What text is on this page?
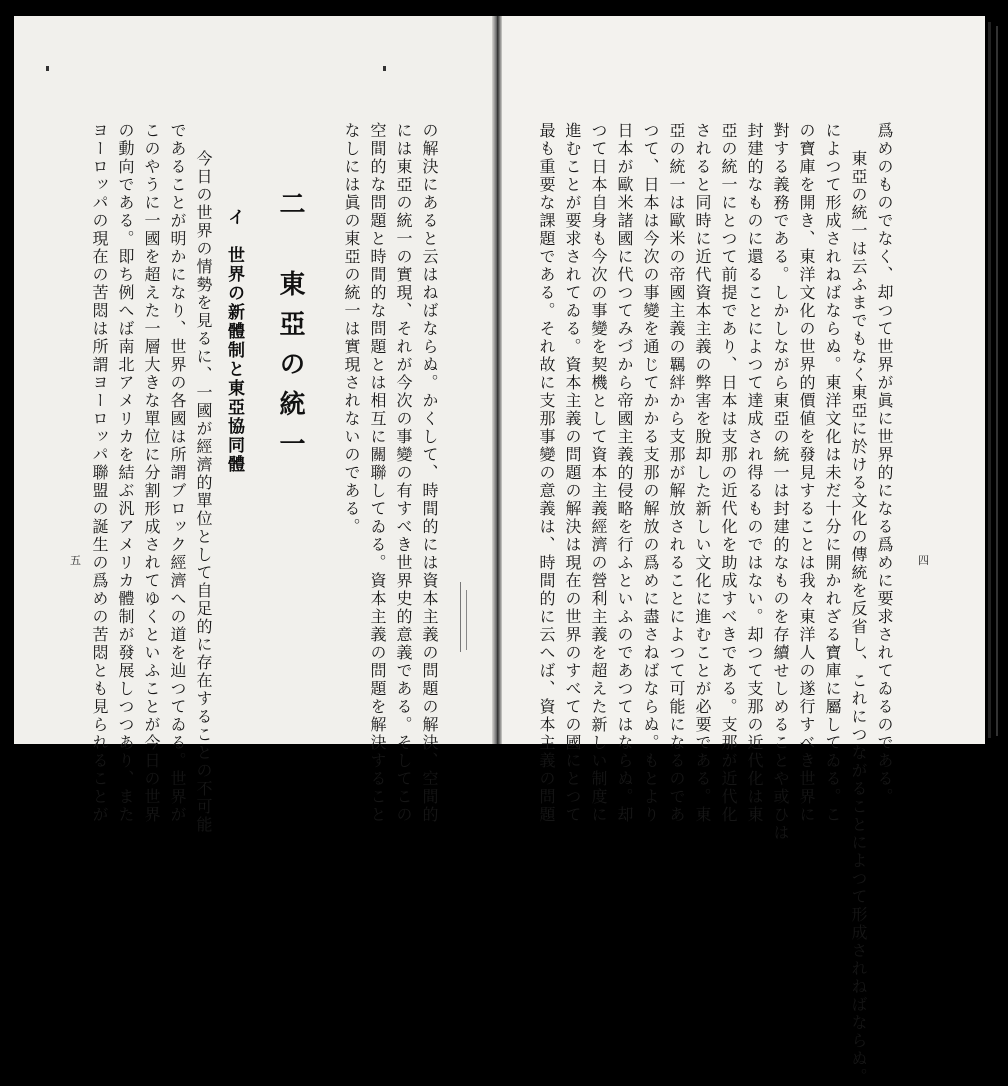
爲めのものでなく、却つて世界が眞に世界的になる爲めに要求されてゐるのである。
　東亞の統一は云ふまでもなく東亞に於ける文化の傳統を反省し、これにつながることによつて形成されねばならぬ。
によつて形成されねばならぬ。東洋文化は未だ十分に開かれざる寶庫に屬してゐる。こ
の寶庫を開き、東洋文化の世界的價値を發見することは我々東洋人の遂行すべき世界に
對する義務である。しかしながら東亞の統一は封建的なものを存續せしめることや或ひは
封建的なものに還ることによつて達成され得るものではない。却つて支那の近代化は東
亞の統一にとつて前提であり、日本は支那の近代化を助成すべきである。支那が近代化
されると同時に近代資本主義の弊害を脫却した新しい文化に進むことが必要である。東
亞の統一は歐米の帝國主義の羈絆から支那が解放されることによつて可能になるのであ
つて、日本は今次の事變を通じてかかる支那の解放の爲めに盡さねばならぬ。もとより
日本が歐米諸國に代つてみづから帝國主義的侵略を行ふといふのであつてはならぬ。却
つて日本自身も今次の事變を契機として資本主義經濟の營利主義を超えた新しい制度に
進むことが要求されてゐる。資本主義の問題の解決は現在の世界のすべての國にとつて
最も重要な課題である。それ故に支那事變の意義は、時間的に云へば、資本主義の問題	四
の解決にあると云はねばならぬ。かくして、時間的には資本主義の問題の解決、空間的
には東亞の統一の實現、それが今次の事變の有すべき世界史的意義である。そしてこの
空間的な問題と時間的な問題とは相互に關聯してゐる。資本主義の問題を解決すること
なしには眞の東亞の統一は實現されないのである。
二　東亞の統一
イ　世界の新體制と東亞協同體
　今日の世界の情勢を見るに、一國が經濟的單位として自足的に存在することの不可能
であることが明かになり、世界の各國は所謂ブロック經濟への道を辿つてゐる。世界が
このやうに一國を超えた一層大きな單位に分割形成されてゆくといふことが今日の世界
の動向である。即ち例へば南北アメリカを結ぶ汎アメリカ體制が發展しつつあり、また
ヨーロッパの現在の苦悶は所謂ヨーロッパ聯盟の誕生の爲めの苦悶とも見られることが
五
